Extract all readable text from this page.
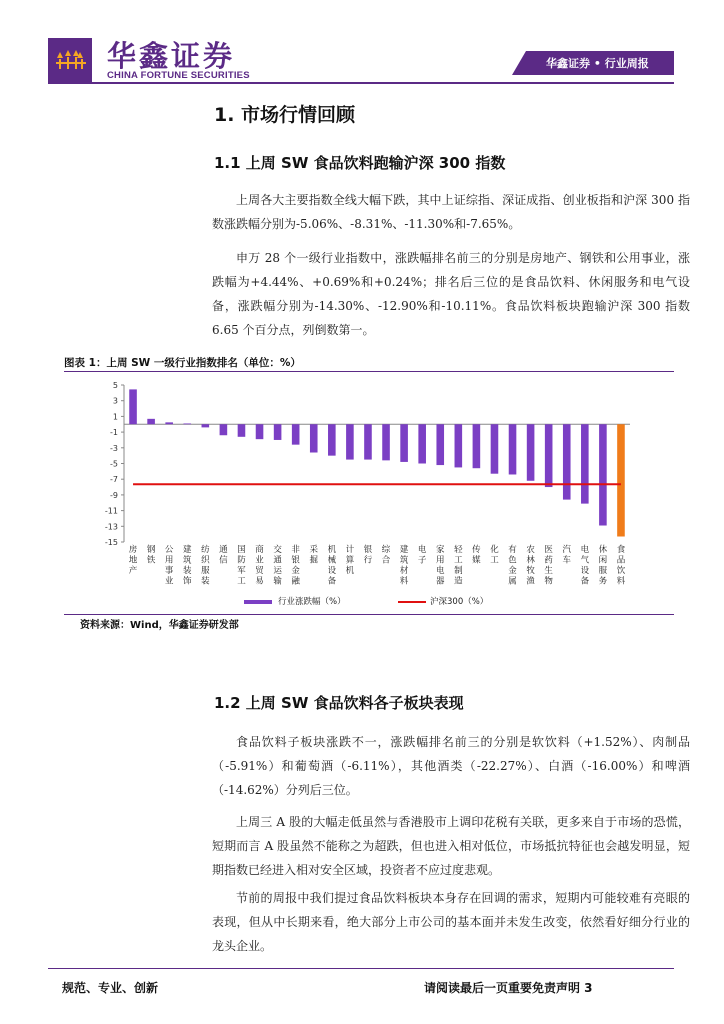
华鑫证券
CHINA FORTUNE SECURITIES
华鑫证券 • 行业周报
1. 市场行情回顾
1.1 上周 SW 食品饮料跑输沪深 300 指数

上周各大主要指数全线大幅下跌，其中上证综指、深证成指、创业板指和沪深 300 指数涨跌幅分别为-5.06%、-8.31%、-11.30%和-7.65%。

申万 28 个一级行业指数中，涨跌幅排名前三的分别是房地产、钢铁和公用事业，涨跌幅为+4.44%、+0.69%和+0.24%；排名后三位的是食品饮料、休闲服务和电气设备，涨跌幅分别为-14.30%、-12.90%和-10.11%。食品饮料板块跑输沪深 300 指数 6.65 个百分点，列倒数第一。

图表 1：上周 SW 一级行业指数排名（单位：%）
5
3
1
-1
-3
-5
-7
-9
-11
-13
-15
房地产
钢铁
公用事业
建筑装饰
纺织服装
通信
国防军工
商业贸易
交通运输
非银金融
采掘
机械设备
计算机
银行
综合
建筑材料
电子
家用电器
轻工制造
传媒
化工
有色金属
农林牧渔
医药生物
汽车
电气设备
休闲服务
食品饮料
行业涨跌幅（%）	沪深300（%）
资料来源：Wind，华鑫证券研发部
1.2 上周 SW 食品饮料各子板块表现

食品饮料子板块涨跌不一，涨跌幅排名前三的分别是软饮料（+1.52%）、肉制品（-5.91%）和葡萄酒（-6.11%），其他酒类（-22.27%）、白酒（-16.00%）和啤酒（-14.62%）分列后三位。

上周三 A 股的大幅走低虽然与香港股市上调印花税有关联，更多来自于市场的恐慌，短期而言 A 股虽然不能称之为超跌，但也进入相对低位，市场抵抗特征也会越发明显，短期指数已经进入相对安全区域，投资者不应过度悲观。

节前的周报中我们提过食品饮料板块本身存在回调的需求，短期内可能较难有亮眼的表现，但从中长期来看，绝大部分上市公司的基本面并未发生改变，依然看好细分行业的龙头企业。

规范、专业、创新	请阅读最后一页重要免责声明 3
